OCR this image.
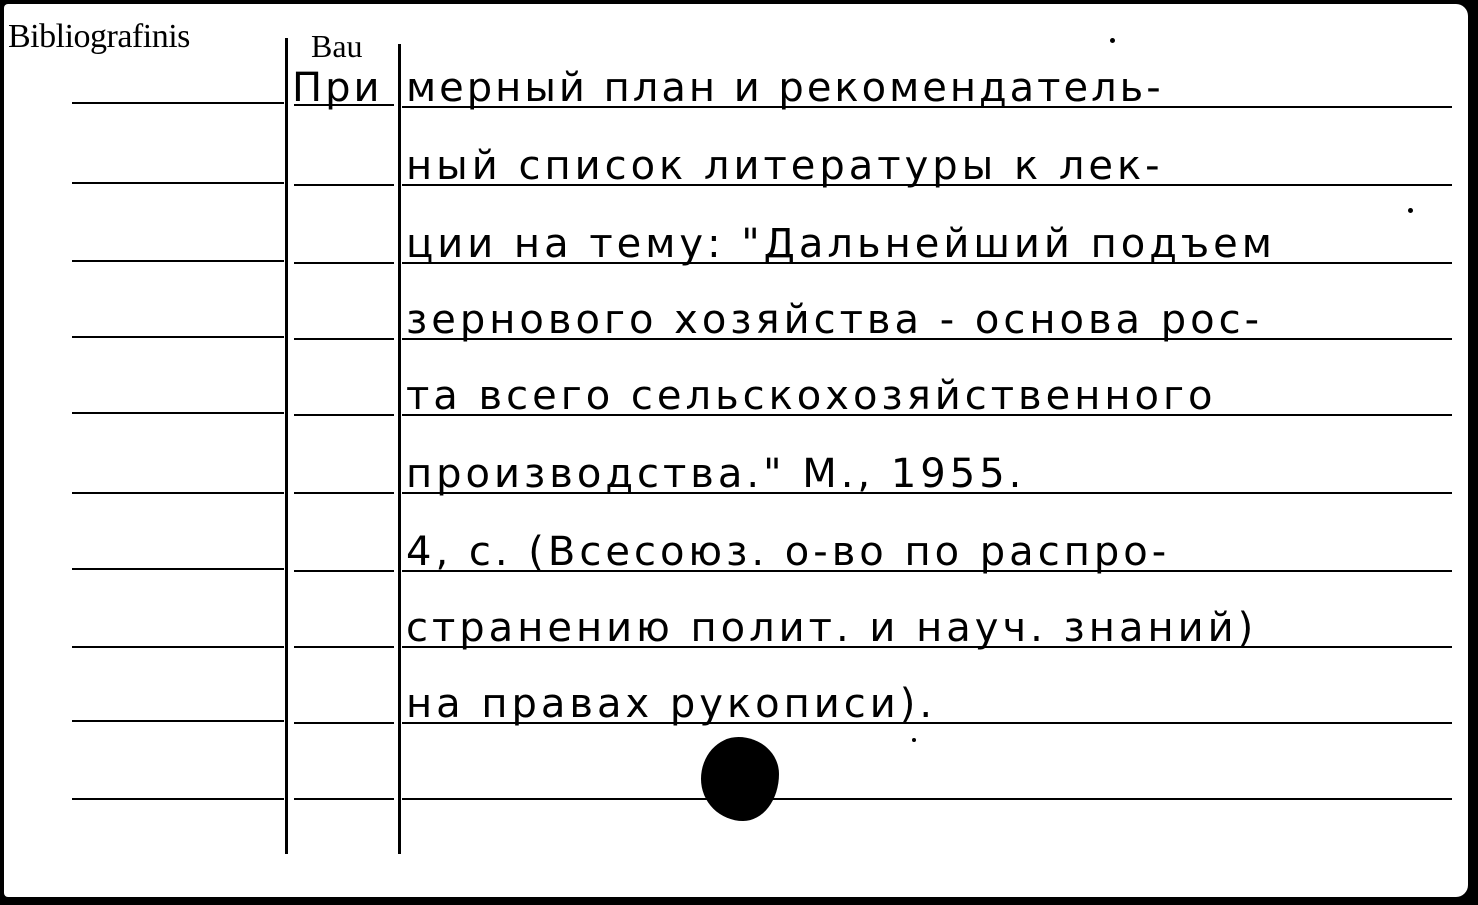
Bibliografinis	Bau
При мерный план и рекомендатель-
ный список литературы к лек-
ции на тему: "Дальнейший подъем
зернового хозяйства - основа рос-
та всего сельскохозяйственного
производства." М., 1955.
4, с. (Всесоюз. о-во по распро-
странению полит. и науч. знаний)
на правах рукописи).
